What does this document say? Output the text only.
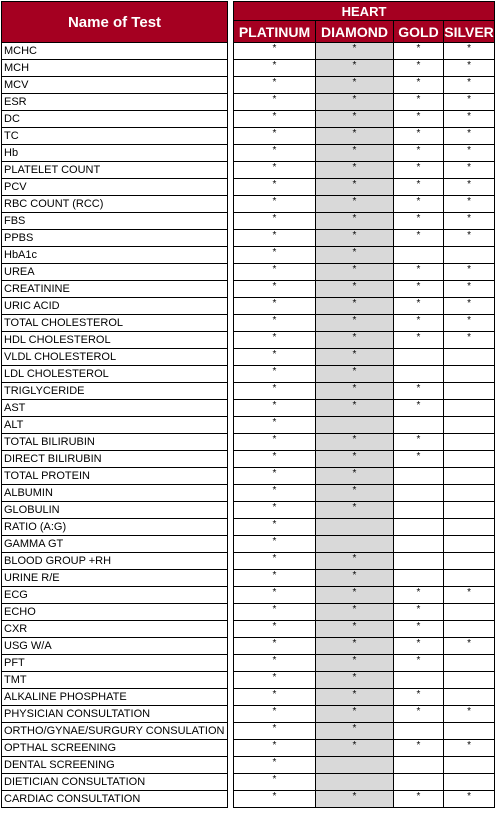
Name of Test		HEART			
		PLATINUM	DIAMOND	GOLD	SILVER
MCHC		*	*	*	*
MCH		*	*	*	*
MCV		*	*	*	*
ESR		*	*	*	*
DC		*	*	*	*
TC		*	*	*	*
Hb		*	*	*	*
PLATELET COUNT		*	*	*	*
PCV		*	*	*	*
RBC COUNT (RCC)		*	*	*	*
FBS		*	*	*	*
PPBS		*	*	*	*
HbA1c		*	*		
UREA		*	*	*	*
CREATININE		*	*	*	*
URIC ACID		*	*	*	*
TOTAL CHOLESTEROL		*	*	*	*
HDL CHOLESTEROL		*	*	*	*
VLDL CHOLESTEROL		*	*		
LDL CHOLESTEROL		*	*		
TRIGLYCERIDE		*	*	*	
AST		*	*	*	
ALT		*			
TOTAL BILIRUBIN		*	*	*	
DIRECT BILIRUBIN		*	*	*	
TOTAL PROTEIN		*	*		
ALBUMIN		*	*		
GLOBULIN		*	*		
RATIO (A:G)		*			
GAMMA GT		*			
BLOOD GROUP +RH		*	*		
URINE R/E		*	*		
ECG		*	*	*	*
ECHO		*	*	*	
CXR		*	*	*	
USG W/A		*	*	*	*
PFT		*	*	*	
TMT		*	*		
ALKALINE PHOSPHATE		*	*	*	
PHYSICIAN CONSULTATION		*	*	*	*
ORTHO/GYNAE/SURGURY CONSULATION		*	*		
OPTHAL SCREENING		*	*	*	*
DENTAL SCREENING		*			
DIETICIAN CONSULTATION		*			
CARDIAC CONSULTATION		*	*	*	*
